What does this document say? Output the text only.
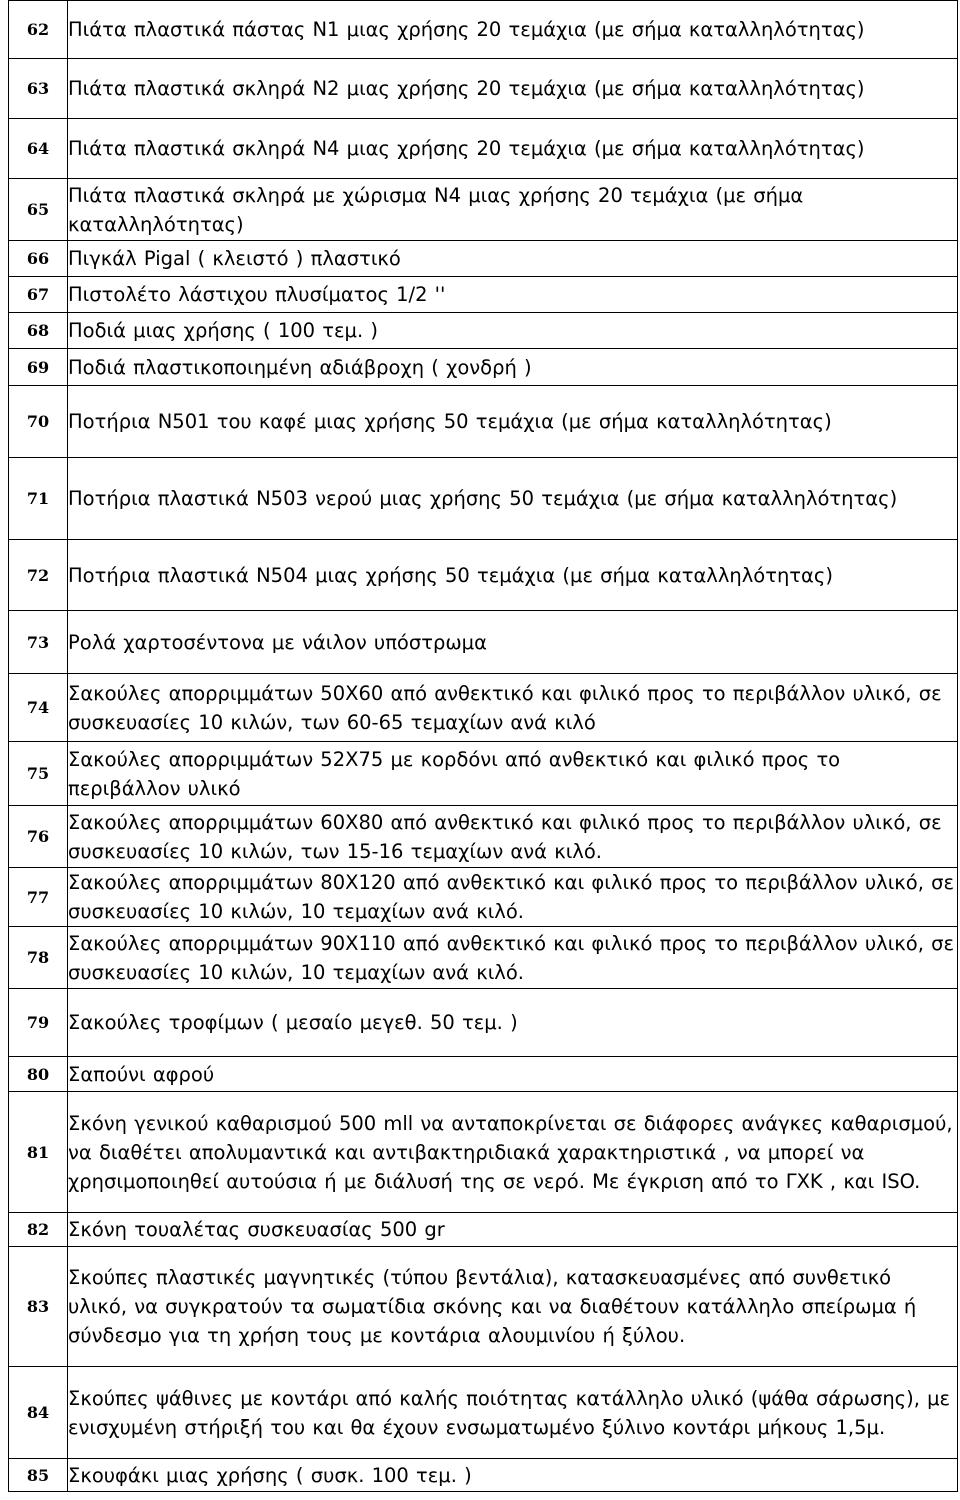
62	Πιάτα πλαστικά πάστας Ν1 μιας χρήσης 20 τεμάχια (με σήμα καταλληλότητας)
63	Πιάτα πλαστικά σκληρά Ν2 μιας χρήσης 20 τεμάχια (με σήμα καταλληλότητας)
64	Πιάτα πλαστικά σκληρά Ν4 μιας χρήσης 20 τεμάχια (με σήμα καταλληλότητας)
65	Πιάτα πλαστικά σκληρά με χώρισμα Ν4 μιας χρήσης 20 τεμάχια (με σήμα καταλληλότητας)
66	Πιγκάλ Pigal ( κλειστό ) πλαστικό
67	Πιστολέτο λάστιχου πλυσίματος 1/2 ''
68	Ποδιά μιας χρήσης ( 100 τεμ. )
69	Ποδιά πλαστικοποιημένη αδιάβροχη ( χονδρή )
70	Ποτήρια Ν501 του καφέ μιας χρήσης 50 τεμάχια (με σήμα καταλληλότητας)
71	Ποτήρια πλαστικά Ν503 νερού μιας χρήσης 50 τεμάχια (με σήμα καταλληλότητας)
72	Ποτήρια πλαστικά Ν504 μιας χρήσης 50 τεμάχια (με σήμα καταλληλότητας)
73	Ρολά χαρτοσέντονα με νάιλον υπόστρωμα
74	Σακούλες απορριμμάτων 50Χ60 από ανθεκτικό και φιλικό προς το περιβάλλον υλικό, σε συσκευασίες 10 κιλών, των 60-65 τεμαχίων ανά κιλό
75	Σακούλες απορριμμάτων 52Χ75 με κορδόνι από ανθεκτικό και φιλικό προς το περιβάλλον υλικό
76	Σακούλες απορριμμάτων 60Χ80 από ανθεκτικό και φιλικό προς το περιβάλλον υλικό, σε συσκευασίες 10 κιλών, των 15-16 τεμαχίων ανά κιλό.
77	Σακούλες απορριμμάτων 80Χ120 από ανθεκτικό και φιλικό προς το περιβάλλον υλικό, σε συσκευασίες 10 κιλών, 10 τεμαχίων ανά κιλό.
78	Σακούλες απορριμμάτων 90Χ110 από ανθεκτικό και φιλικό προς το περιβάλλον υλικό, σε συσκευασίες 10 κιλών, 10 τεμαχίων ανά κιλό.
79	Σακούλες τροφίμων ( μεσαίο μεγεθ. 50 τεμ. )
80	Σαπούνι αφρού
81	Σκόνη γενικού καθαρισμού 500 mll να ανταποκρίνεται σε διάφορες ανάγκες καθαρισμού, να διαθέτει απολυμαντικά και αντιβακτηριδιακά χαρακτηριστικά , να μπορεί να χρησιμοποιηθεί αυτούσια ή με διάλυσή της σε νερό. Με έγκριση από το ΓΧΚ , και ISO.
82	Σκόνη τουαλέτας συσκευασίας 500 gr
83	Σκούπες πλαστικές μαγνητικές (τύπου βεντάλια), κατασκευασμένες από συνθετικό υλικό, να συγκρατούν τα σωματίδια σκόνης και να διαθέτουν κατάλληλο σπείρωμα ή σύνδεσμο για τη χρήση τους με κοντάρια αλουμινίου ή ξύλου.
84	Σκούπες ψάθινες με κοντάρι από καλής ποιότητας κατάλληλο υλικό (ψάθα σάρωσης), με ενισχυμένη στήριξή του και θα έχουν ενσωματωμένο ξύλινο κοντάρι μήκους 1,5μ.
85	Σκουφάκι μιας χρήσης ( συσκ. 100 τεμ. )
